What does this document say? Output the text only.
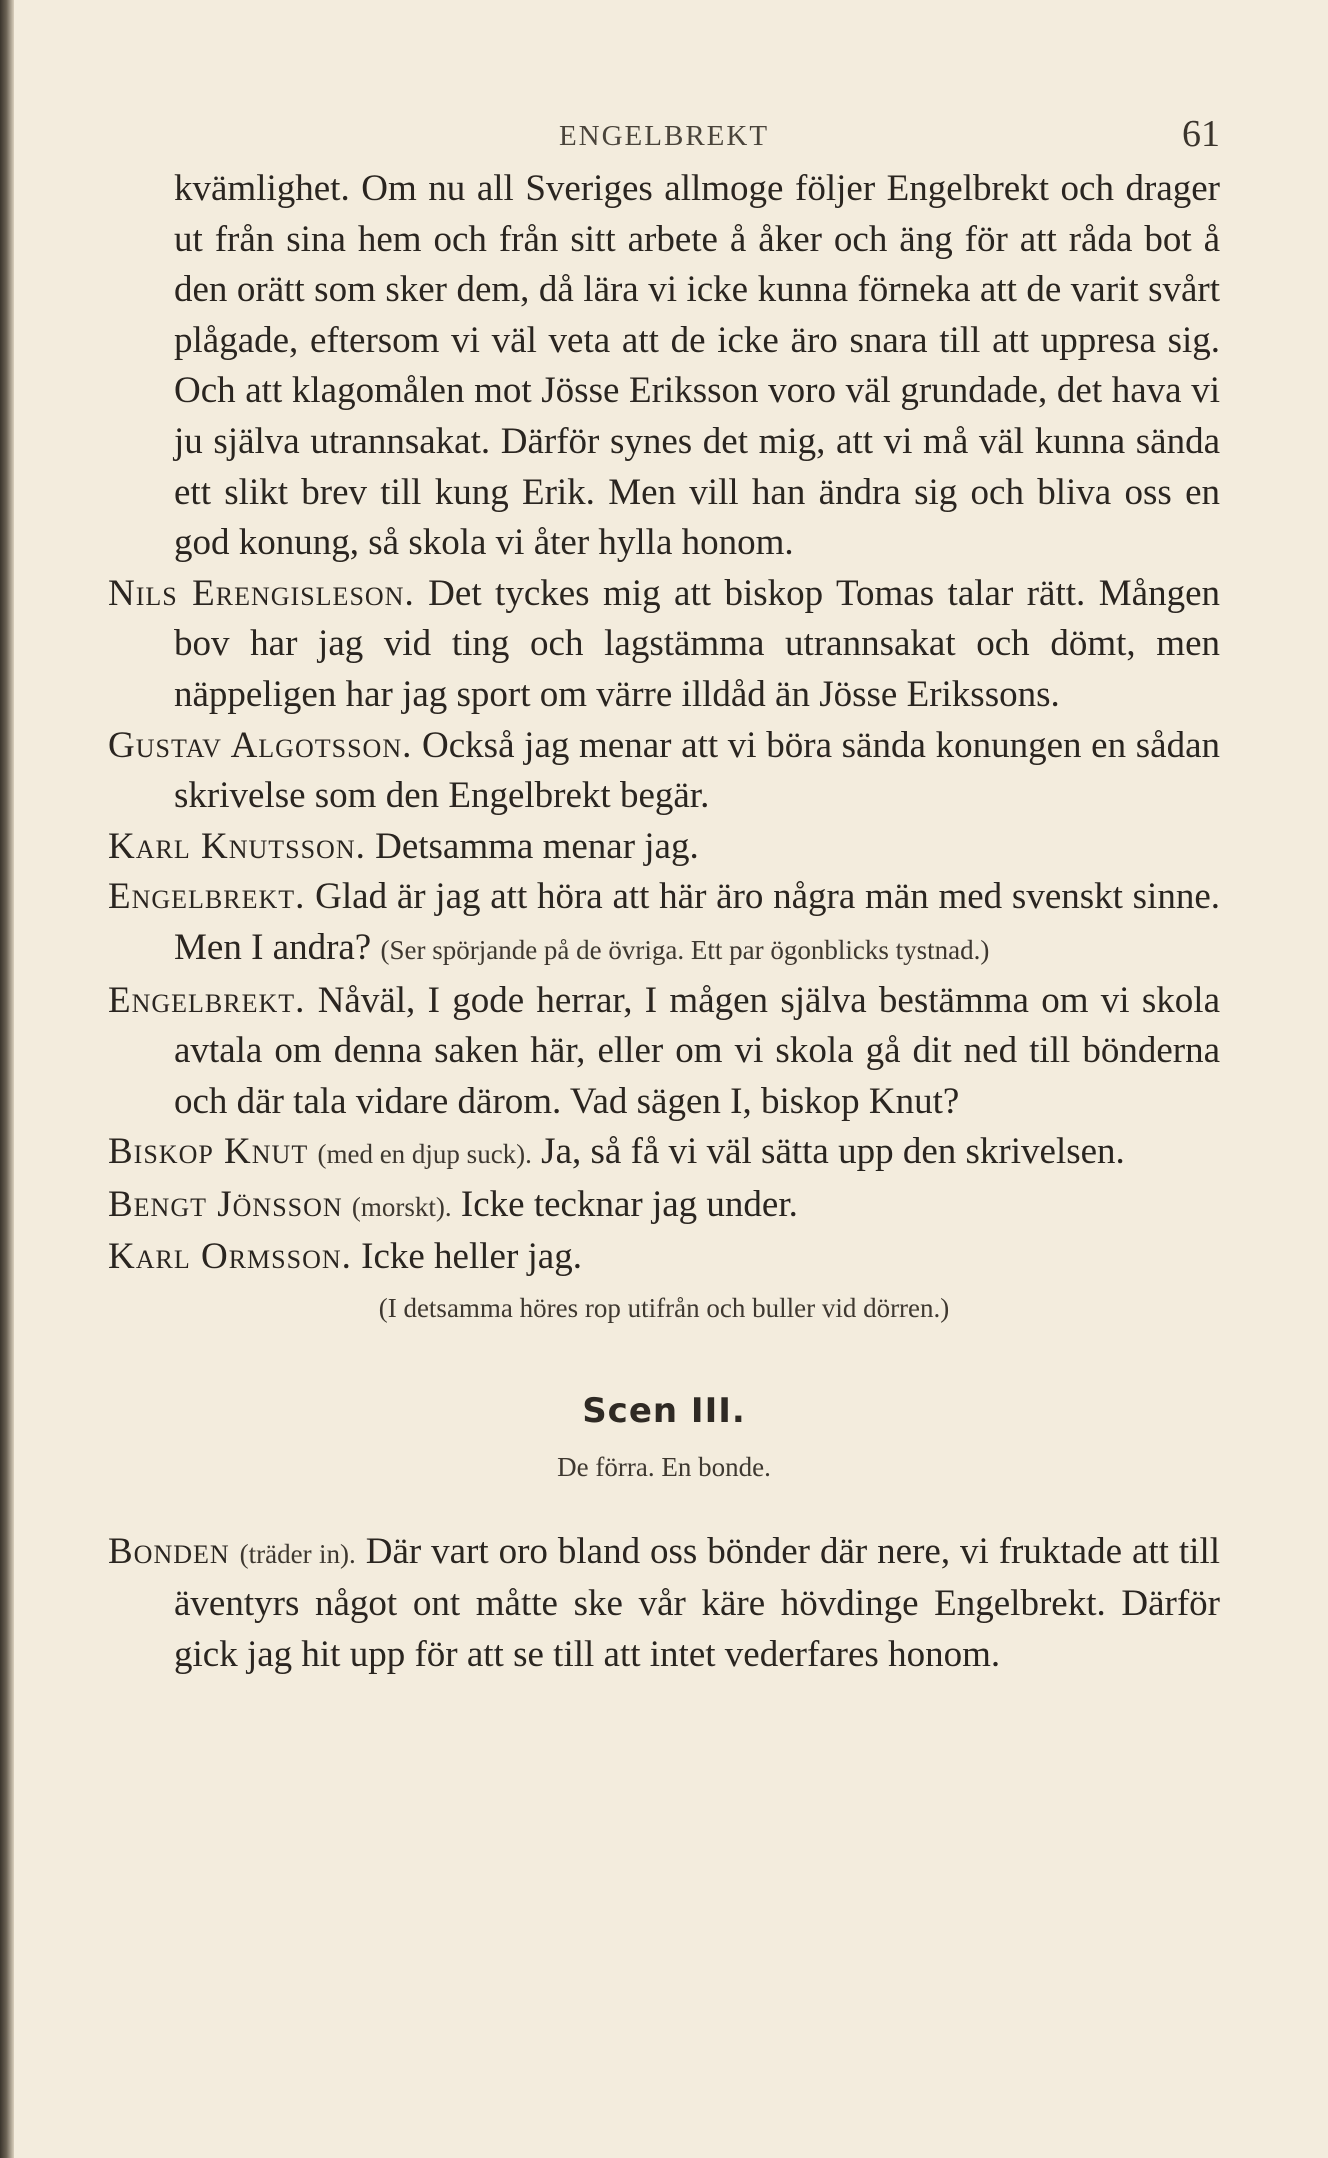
ENGELBREKT	61

kvämlighet. Om nu all Sveriges allmoge följer Engelbrekt och drager ut från sina hem och från sitt arbete å åker och äng för att råda bot å den orätt som sker dem, då lära vi icke kunna förneka att de varit svårt plågade, eftersom vi väl veta att de icke äro snara till att uppresa sig. Och att klagomålen mot Jösse Eriksson voro väl grundade, det hava vi ju själva utrannsakat. Därför synes det mig, att vi må väl kunna sända ett slikt brev till kung Erik. Men vill han ändra sig och bliva oss en god konung, så skola vi åter hylla honom.

Nils Erengisleson. Det tyckes mig att biskop Tomas talar rätt. Mången bov har jag vid ting och lagstämma utrannsakat och dömt, men näppeligen har jag sport om värre illdåd än Jösse Erikssons.

Gustav Algotsson. Också jag menar att vi böra sända konungen en sådan skrivelse som den Engelbrekt begär.

Karl Knutsson. Detsamma menar jag.

Engelbrekt. Glad är jag att höra att här äro några män med svenskt sinne. Men I andra? (Ser spörjande på de övriga. Ett par ögonblicks tystnad.)

Engelbrekt. Nåväl, I gode herrar, I mågen själva bestämma om vi skola avtala om denna saken här, eller om vi skola gå dit ned till bönderna och där tala vidare därom. Vad sägen I, biskop Knut?

Biskop Knut (med en djup suck). Ja, så få vi väl sätta upp den skrivelsen.

Bengt Jönsson (morskt). Icke tecknar jag under.

Karl Ormsson. Icke heller jag.

(I detsamma höres rop utifrån och buller vid dörren.)

Scen III.
De förra. En bonde.

Bonden (träder in). Där vart oro bland oss bönder där nere, vi fruktade att till äventyrs något ont måtte ske vår käre hövdinge Engelbrekt. Därför gick jag hit upp för att se till att intet vederfares honom.
